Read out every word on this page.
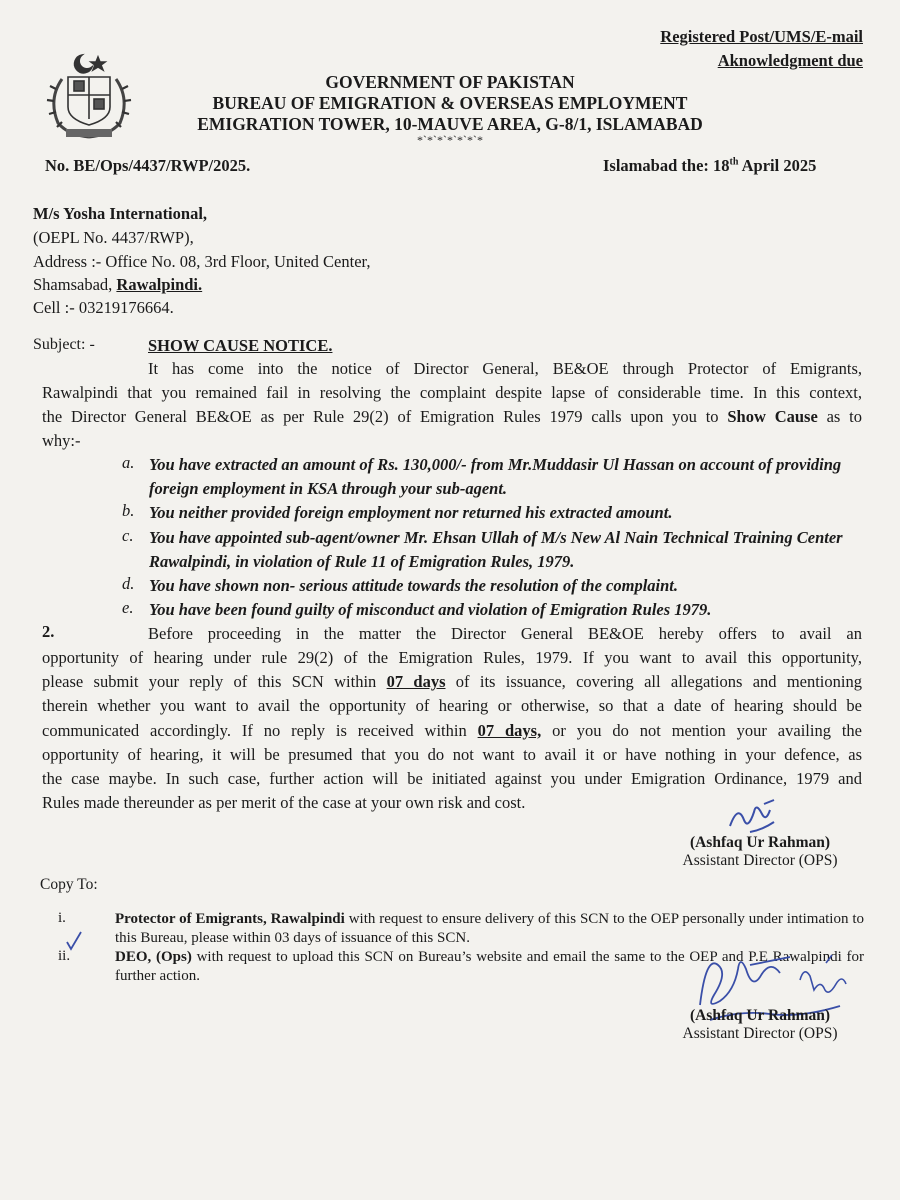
Registered Post/UMS/E-mail
Aknowledgment due
GOVERNMENT OF PAKISTAN
BUREAU OF EMIGRATION & OVERSEAS EMPLOYMENT
EMIGRATION TOWER, 10-MAUVE AREA, G-8/1, ISLAMABAD
*`*`*`*`*`*`*
No. BE/Ops/4437/RWP/2025.	Islamabad the: 18th April 2025
M/s Yosha International,
(OEPL No. 4437/RWP),
Address :- Office No. 08, 3rd Floor, United Center,
Shamsabad, Rawalpindi.
Cell :- 03219176664.
Subject: -	SHOW CAUSE NOTICE.
It has come into the notice of Director General, BE&OE through Protector of Emigrants,
Rawalpindi that you remained fail in resolving the complaint despite lapse of considerable time. In this context,
the Director General BE&OE as per Rule 29(2) of Emigration Rules 1979 calls upon you to Show Cause as to
why:-
a. You have extracted an amount of Rs. 130,000/- from Mr.Muddasir Ul Hassan on account of providing foreign employment in KSA through your sub-agent.
b. You neither provided foreign employment nor returned his extracted amount.
c. You have appointed sub-agent/owner Mr. Ehsan Ullah of M/s New Al Nain Technical Training Center Rawalpindi, in violation of Rule 11 of Emigration Rules, 1979.
d. You have shown non- serious attitude towards the resolution of the complaint.
e. You have been found guilty of misconduct and violation of Emigration Rules 1979.
2.	Before proceeding in the matter the Director General BE&OE hereby offers to avail an
opportunity of hearing under rule 29(2) of the Emigration Rules, 1979. If you want to avail this opportunity,
please submit your reply of this SCN within 07 days of its issuance, covering all allegations and mentioning
therein whether you want to avail the opportunity of hearing or otherwise, so that a date of hearing should be
communicated accordingly. If no reply is received within 07 days, or you do not mention your availing the
opportunity of hearing, it will be presumed that you do not want to avail it or have nothing in your defence, as
the case maybe. In such case, further action will be initiated against you under Emigration Ordinance, 1979 and
Rules made thereunder as per merit of the case at your own risk and cost.
(Ashfaq Ur Rahman)
Assistant Director (OPS)
Copy To:
i.	Protector of Emigrants, Rawalpindi with request to ensure delivery of this SCN to the OEP personally under intimation to this Bureau, please within 03 days of issuance of this SCN.
ii.	DEO, (Ops) with request to upload this SCN on Bureau’s website and email the same to the OEP and P.E Rawalpindi for further action.
(Ashfaq Ur Rahman)
Assistant Director (OPS)
